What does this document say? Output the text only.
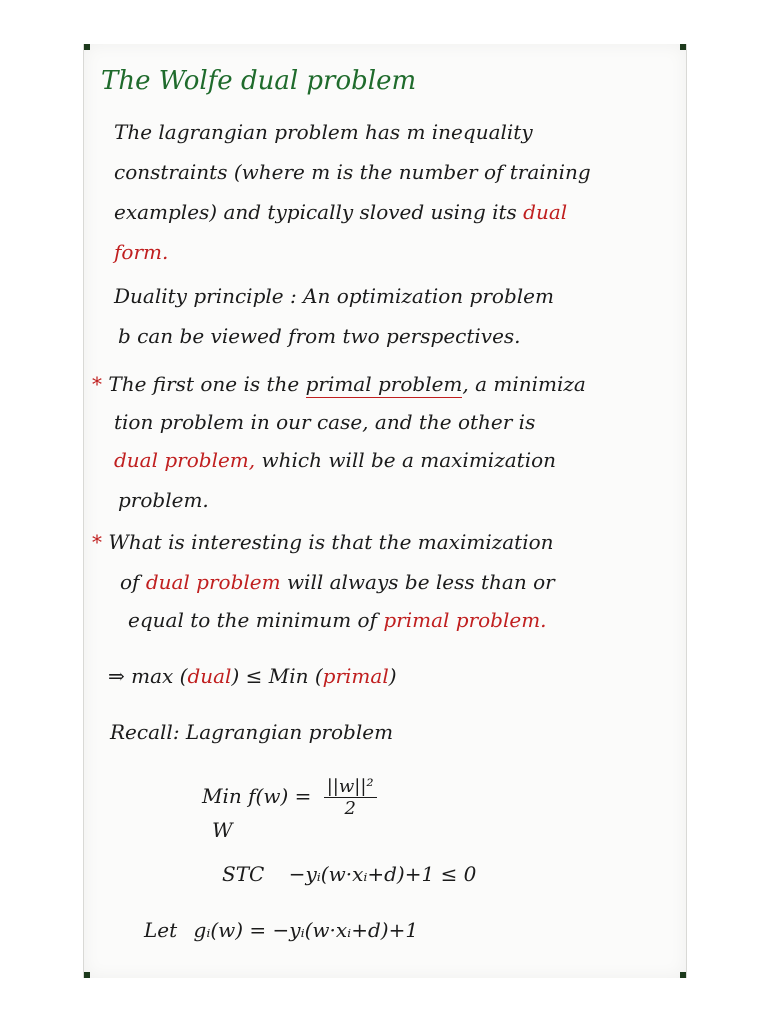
The Wolfe dual problem
The lagrangian problem has m inequality
constraints (where m is the number of training
examples) and typically sloved using its dual
form.
Duality principle : An optimization problem
b can be viewed from two perspectives.
* The first one is the primal problem, a minimiza
tion problem in our case, and the other is
dual problem, which will be a maximization
problem.
* What is interesting is that the maximization
of dual problem will always be less than or
equal to the minimum of primal problem.
⇒ max (dual) ≤ Min (primal)
Recall: Lagrangian problem
Min $f(w) = \frac{\text{||w||²}}{2}$
W
STC −yᵢ(w·xᵢ+d)+1 ≤ 0
Let gᵢ(w) = −yᵢ(w·xᵢ+d)+1
